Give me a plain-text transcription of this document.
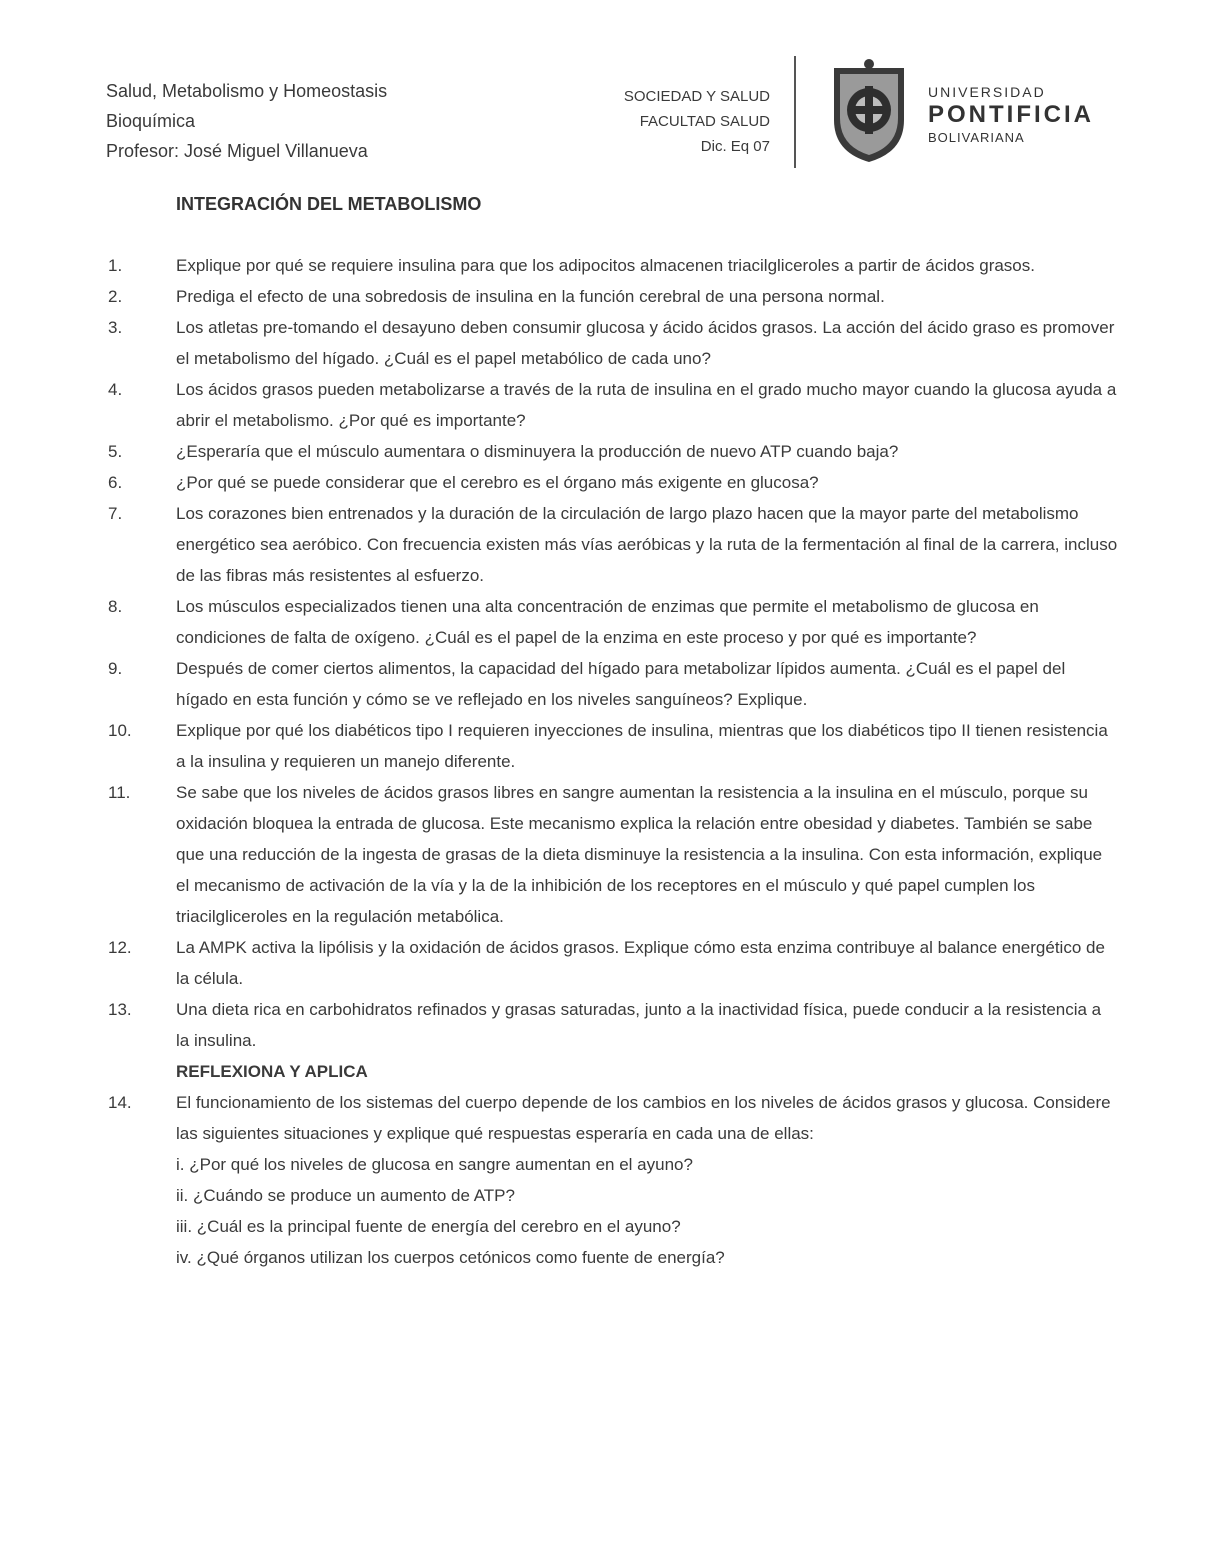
Salud, Metabolismo y Homeostasis
Bioquímica
Profesor: José Miguel Villanueva
SOCIEDAD Y SALUD
FACULTAD SALUD
Dic. Eq 07
UNIVERSIDAD
PONTIFICIA
BOLIVARIANA
INTEGRACIÓN DEL METABOLISMO
1.	Explique por qué se requiere insulina para que los adipocitos almacenen triacilgliceroles a partir de ácidos grasos.
2.	Prediga el efecto de una sobredosis de insulina en la función cerebral de una persona normal.
3.	Los atletas pre-tomando el desayuno deben consumir glucosa y ácido ácidos grasos. La acción del ácido graso es promover el metabolismo del hígado. ¿Cuál es el papel metabólico de cada uno?
4.	Los ácidos grasos pueden metabolizarse a través de la ruta de insulina en el grado mucho mayor cuando la glucosa ayuda a abrir el metabolismo. ¿Por qué es importante?
5.	¿Esperaría que el músculo aumentara o disminuyera la producción de nuevo ATP cuando baja?
6.	¿Por qué se puede considerar que el cerebro es el órgano más exigente en glucosa?
7.	Los corazones bien entrenados y la duración de la circulación de largo plazo hacen que la mayor parte del metabolismo energético sea aeróbico. Con frecuencia existen más vías aeróbicas y la ruta de la fermentación al final de la carrera, incluso de las fibras más resistentes al esfuerzo.
8.	Los músculos especializados tienen una alta concentración de enzimas que permite el metabolismo de glucosa en condiciones de falta de oxígeno. ¿Cuál es el papel de la enzima en este proceso y por qué es importante?
9.	Después de comer ciertos alimentos, la capacidad del hígado para metabolizar lípidos aumenta. ¿Cuál es el papel del hígado en esta función y cómo se ve reflejado en los niveles sanguíneos? Explique.
10.	Explique por qué los diabéticos tipo I requieren inyecciones de insulina, mientras que los diabéticos tipo II tienen resistencia a la insulina y requieren un manejo diferente.
11.	Se sabe que los niveles de ácidos grasos libres en sangre aumentan la resistencia a la insulina en el músculo, porque su oxidación bloquea la entrada de glucosa. Este mecanismo explica la relación entre obesidad y diabetes. También se sabe que una reducción de la ingesta de grasas de la dieta disminuye la resistencia a la insulina. Con esta información, explique el mecanismo de activación de la vía y la de la inhibición de los receptores en el músculo y qué papel cumplen los triacilgliceroles en la regulación metabólica.
12.	La AMPK activa la lipólisis y la oxidación de ácidos grasos. Explique cómo esta enzima contribuye al balance energético de la célula.
13.	Una dieta rica en carbohidratos refinados y grasas saturadas, junto a la inactividad física, puede conducir a la resistencia a la insulina.
REFLEXIONA Y APLICA
14.	El funcionamiento de los sistemas del cuerpo depende de los cambios en los niveles de ácidos grasos y glucosa. Considere las siguientes situaciones y explique qué respuestas esperaría en cada una de ellas:
i. ¿Por qué los niveles de glucosa en sangre aumentan en el ayuno?
ii. ¿Cuándo se produce un aumento de ATP?
iii. ¿Cuál es la principal fuente de energía del cerebro en el ayuno?
iv. ¿Qué órganos utilizan los cuerpos cetónicos como fuente de energía?
